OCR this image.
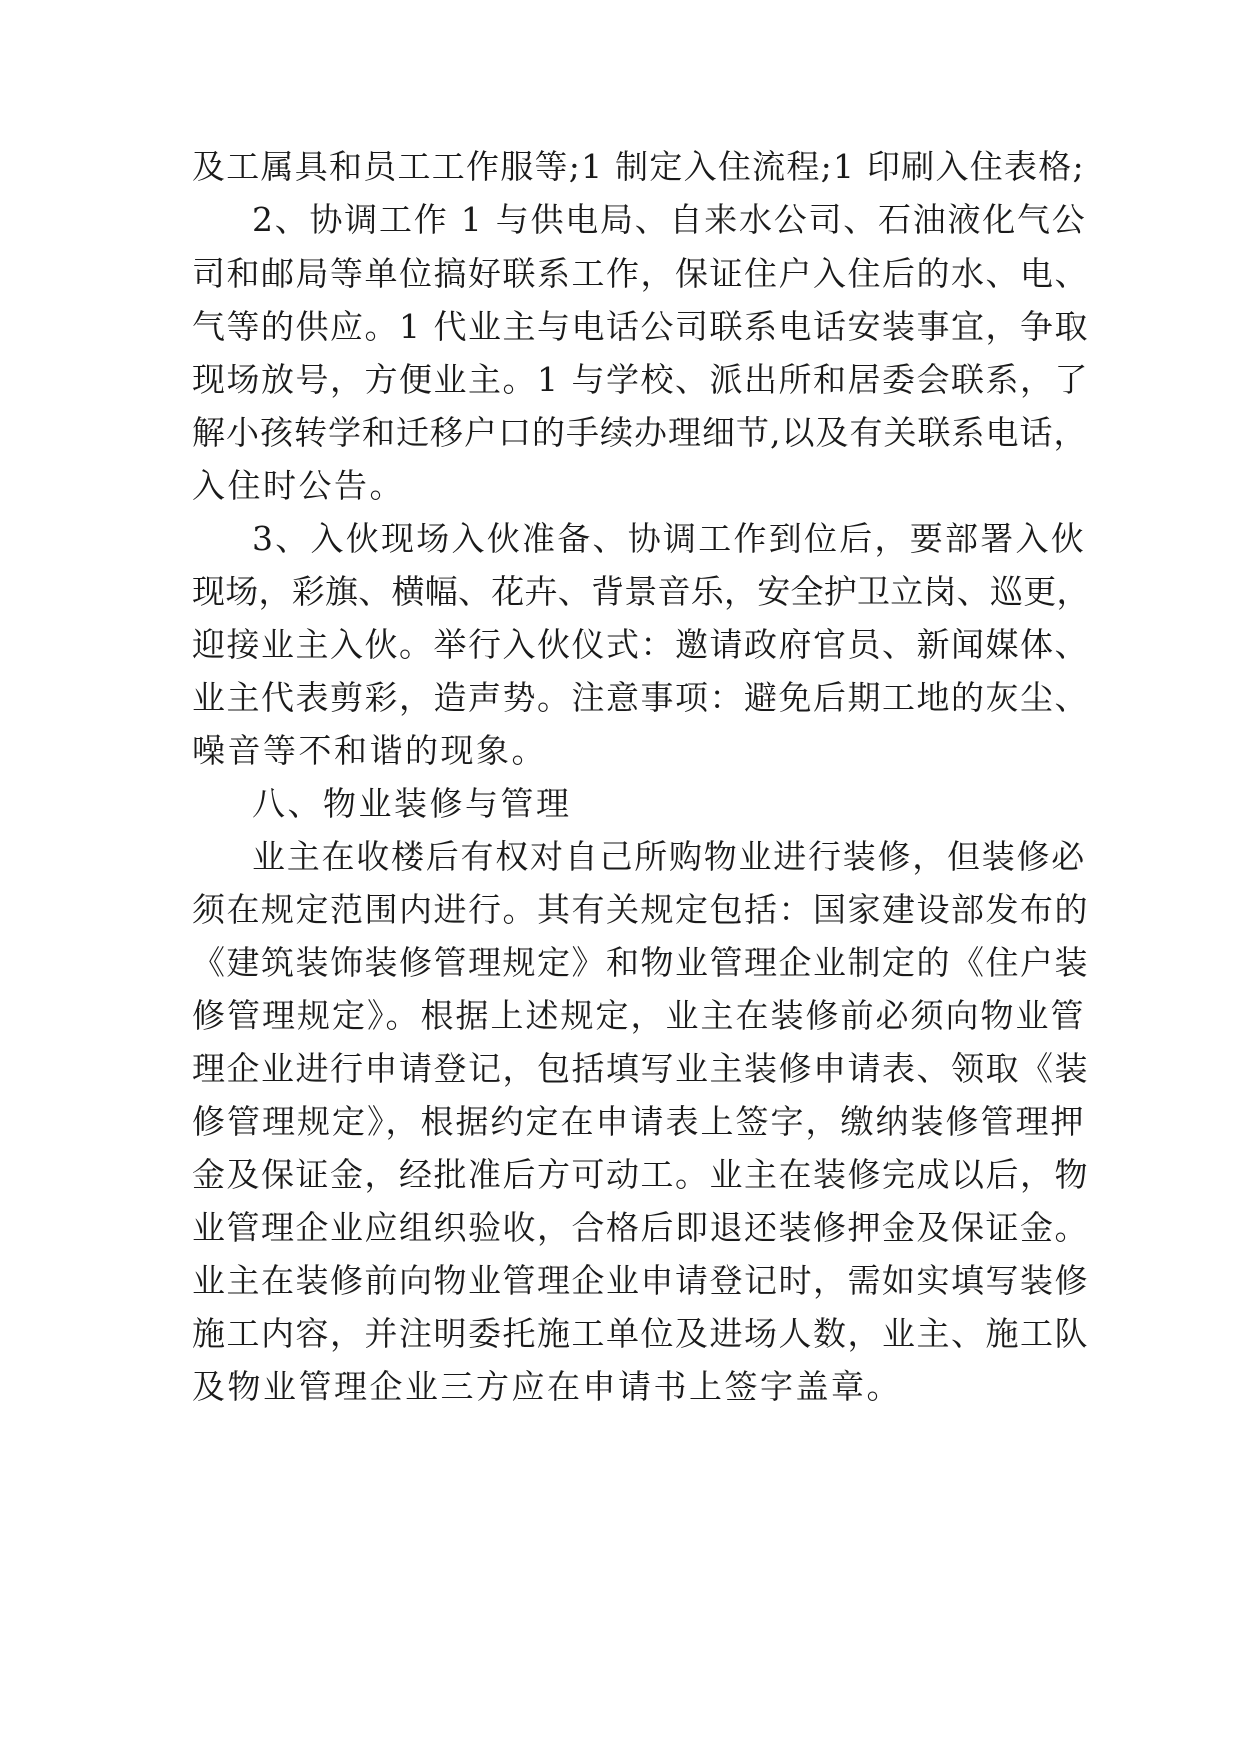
及工属具和员工工作服等;1 制定入住流程;1 印刷入住表格;
2、协调工作 1 与供电局、自来水公司、石油液化气公
司和邮局等单位搞好联系工作，保证住户入住后的水、电、
气等的供应。1 代业主与电话公司联系电话安装事宜，争取
现场放号，方便业主。1 与学校、派出所和居委会联系，了
解小孩转学和迁移户口的手续办理细节,以及有关联系电话，
入住时公告。
3、入伙现场入伙准备、协调工作到位后，要部署入伙
现场，彩旗、横幅、花卉、背景音乐，安全护卫立岗、巡更，
迎接业主入伙。举行入伙仪式：邀请政府官员、新闻媒体、
业主代表剪彩，造声势。注意事项：避免后期工地的灰尘、
噪音等不和谐的现象。
八、物业装修与管理
业主在收楼后有权对自己所购物业进行装修，但装修必
须在规定范围内进行。其有关规定包括：国家建设部发布的
《建筑装饰装修管理规定》和物业管理企业制定的《住户装
修管理规定》。根据上述规定，业主在装修前必须向物业管
理企业进行申请登记，包括填写业主装修申请表、领取《装
修管理规定》，根据约定在申请表上签字，缴纳装修管理押
金及保证金，经批准后方可动工。业主在装修完成以后，物
业管理企业应组织验收，合格后即退还装修押金及保证金。
业主在装修前向物业管理企业申请登记时，需如实填写装修
施工内容，并注明委托施工单位及进场人数，业主、施工队
及物业管理企业三方应在申请书上签字盖章。
